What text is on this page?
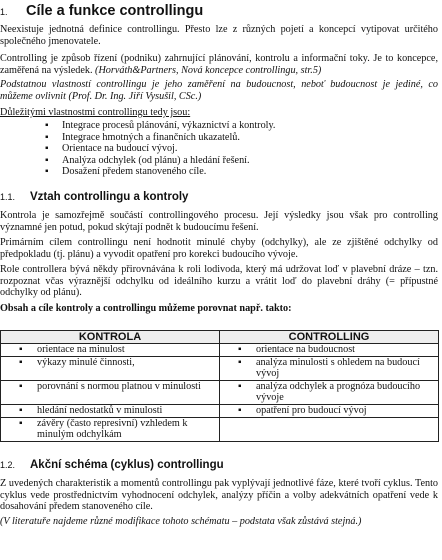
1. Cíle a funkce controllingu

Neexistuje jednotná definice controllingu. Přesto lze z různých pojetí a koncepcí vytipovat určitého společného jmenovatele.

Controlling je způsob řízení (podniku) zahrnující plánování, kontrolu a informační toky. Je to koncepce, zaměřená na výsledek. (Horváth&Partners, Nová koncepce controllingu, str.5)

Podstatnou vlastností controllingu je jeho zaměření na budoucnost, neboť budoucnost je jediné, co můžeme ovlivnit (Prof. Dr. Ing. Jiří Vysušil, CSc.)

Důležitými vlastnostmi controllingu tedy jsou:

▪ Integrace procesů plánování, výkaznictví a kontroly.
▪ Integrace hmotných a finančních ukazatelů.
▪ Orientace na budoucí vývoj.
▪ Analýza odchylek (od plánu) a hledání řešení.
▪ Dosažení předem stanoveného cíle.
1.1. Vztah controllingu a kontroly

Kontrola je samozřejmě součástí controllingového procesu. Její výsledky jsou však pro controlling významné jen potud, pokud skýtají podnět k budoucímu řešení.

Primárním cílem controllingu není hodnotit minulé chyby (odchylky), ale ze zjištěné odchylky od předpokladu (tj. plánu) a vyvodit opatření pro korekci budoucího vývoje.

Role controllera bývá někdy přirovnávána k roli lodivoda, který má udržovat loď v plavební dráze – tzn. rozpoznat včas výraznější odchylku od ideálního kurzu a vrátit loď do plavební dráhy (= přípustné odchylky od plánu).

Obsah a cíle kontroly a controllingu můžeme porovnat např. takto:

KONTROLA	CONTROLLING

▪ orientace na minulost	▪ orientace na budoucnost

▪ výkazy minulé činnosti,	▪ analýza minulosti s ohledem na budoucí vývoj

▪ porovnání s normou platnou v minulosti	▪ analýza odchylek a prognóza budoucího vývoje

▪ hledání nedostatků v minulosti	▪ opatření pro budoucí vývoj

▪ závěry (často represivní) vzhledem k minulým odchylkám

1.2. Akční schéma (cyklus) controllingu

Z uvedených charakteristik a momentů controllingu pak vyplývají jednotlivé fáze, které tvoří cyklus. Tento cyklus vede prostřednictvím vyhodnocení odchylek, analýzy příčin a volby adekvátních opatření vede k dosahování předem stanoveného cíle.

(V literatuře najdeme různé modifikace tohoto schématu – podstata však zůstává stejná.)
